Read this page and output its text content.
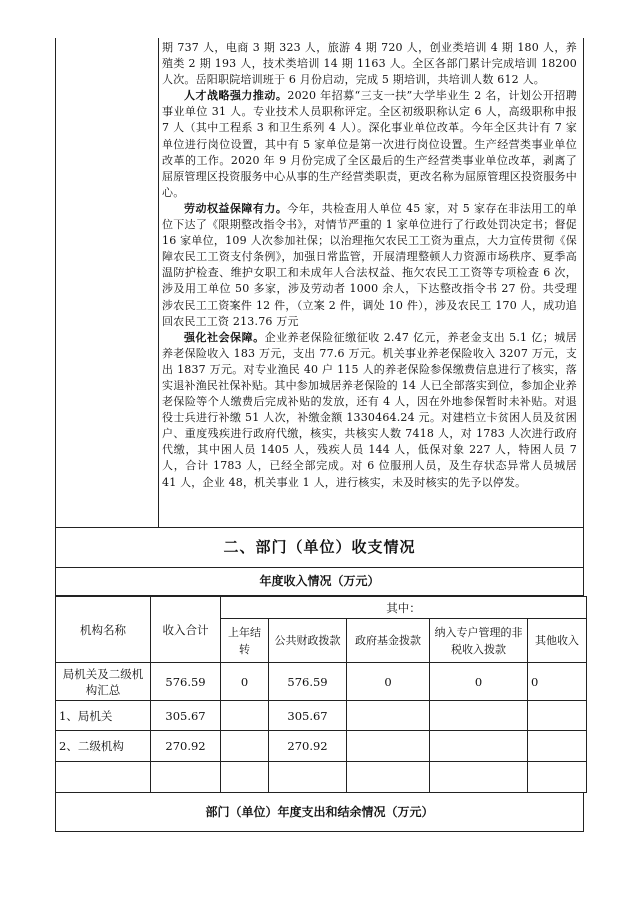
期 737 人，电商 3 期 323 人，旅游 4 期 720 人，创业类培训 4 期 180 人，养殖类 2 期 193 人，技术类培训 14 期 1163 人。全区各部门累计完成培训 18200 人次。岳阳职院培训班于 6 月份启动，完成 5 期培训，共培训人数 612 人。

人才战略强力推动。2020 年招募“三支一扶”大学毕业生 2 名，计划公开招聘事业单位 31 人。专业技术人员职称评定。全区初级职称认定 6 人，高级职称申报 7 人（其中工程系 3 和卫生系列 4 人）。深化事业单位改革。今年全区共计有 7 家单位进行岗位设置，其中有 5 家单位是第一次进行岗位设置。生产经营类事业单位改革的工作。2020 年 9 月份完成了全区最后的生产经营类事业单位改革，剥离了屈原管理区投资服务中心从事的生产经营类职责，更改名称为屈原管理区投资服务中心。

劳动权益保障有力。今年，共检查用人单位 45 家，对 5 家存在非法用工的单位下达了《限期整改指令书》，对情节严重的 1 家单位进行了行政处罚决定书；督促 16 家单位，109 人次参加社保；以治理拖欠农民工工资为重点，大力宣传贯彻《保障农民工工资支付条例》，加强日常监管，开展清理整顿人力资源市场秩序、夏季高温防护检查、维护女职工和未成年人合法权益、拖欠农民工工资等专项检查 6 次，涉及用工单位 50 多家，涉及劳动者 1000 余人，下达整改指令书 27 份。共受理涉农民工工资案件 12 件，（立案 2 件，调处 10 件），涉及农民工 170 人，成功追回农民工工资 213.76 万元

强化社会保障。企业养老保险征缴征收 2.47 亿元，养老金支出 5.1 亿；城居养老保险收入 183 万元，支出 77.6 万元。机关事业养老保险收入 3207 万元，支出 1837 万元。对专业渔民 40 户 115 人的养老保险参保缴费信息进行了核实，落实退补渔民社保补贴。其中参加城居养老保险的 14 人已全部落实到位，参加企业养老保险等个人缴费后完成补贴的发放，还有 4 人，因在外地参保暂时未补贴。对退役士兵进行补缴 51 人次，补缴金额 1330464.24 元。对建档立卡贫困人员及贫困户、重度残疾进行政府代缴，核实，共核实人数 7418 人，对 1783 人次进行政府代缴，其中困人员 1405 人，残疾人员 144 人，低保对象 227 人，特困人员 7 人，合计 1783 人，已经全部完成。对 6 位服刑人员，及生存状态异常人员城居 41 人，企业 48，机关事业 1 人，进行核实，未及时核实的先予以停发。

二、部门（单位）收支情况
年度收入情况（万元）
机构名称	收入合计	其中：				
		上年结转	公共财政拨款	政府基金拨款	纳入专户管理的非税收入拨款	其他收入

局机关及二级机构汇总	576.59	0	576.59	0	0	0
1、局机关	305.67		305.67			
2、二级机构	270.92		270.92			

部门（单位）年度支出和结余情况（万元）
